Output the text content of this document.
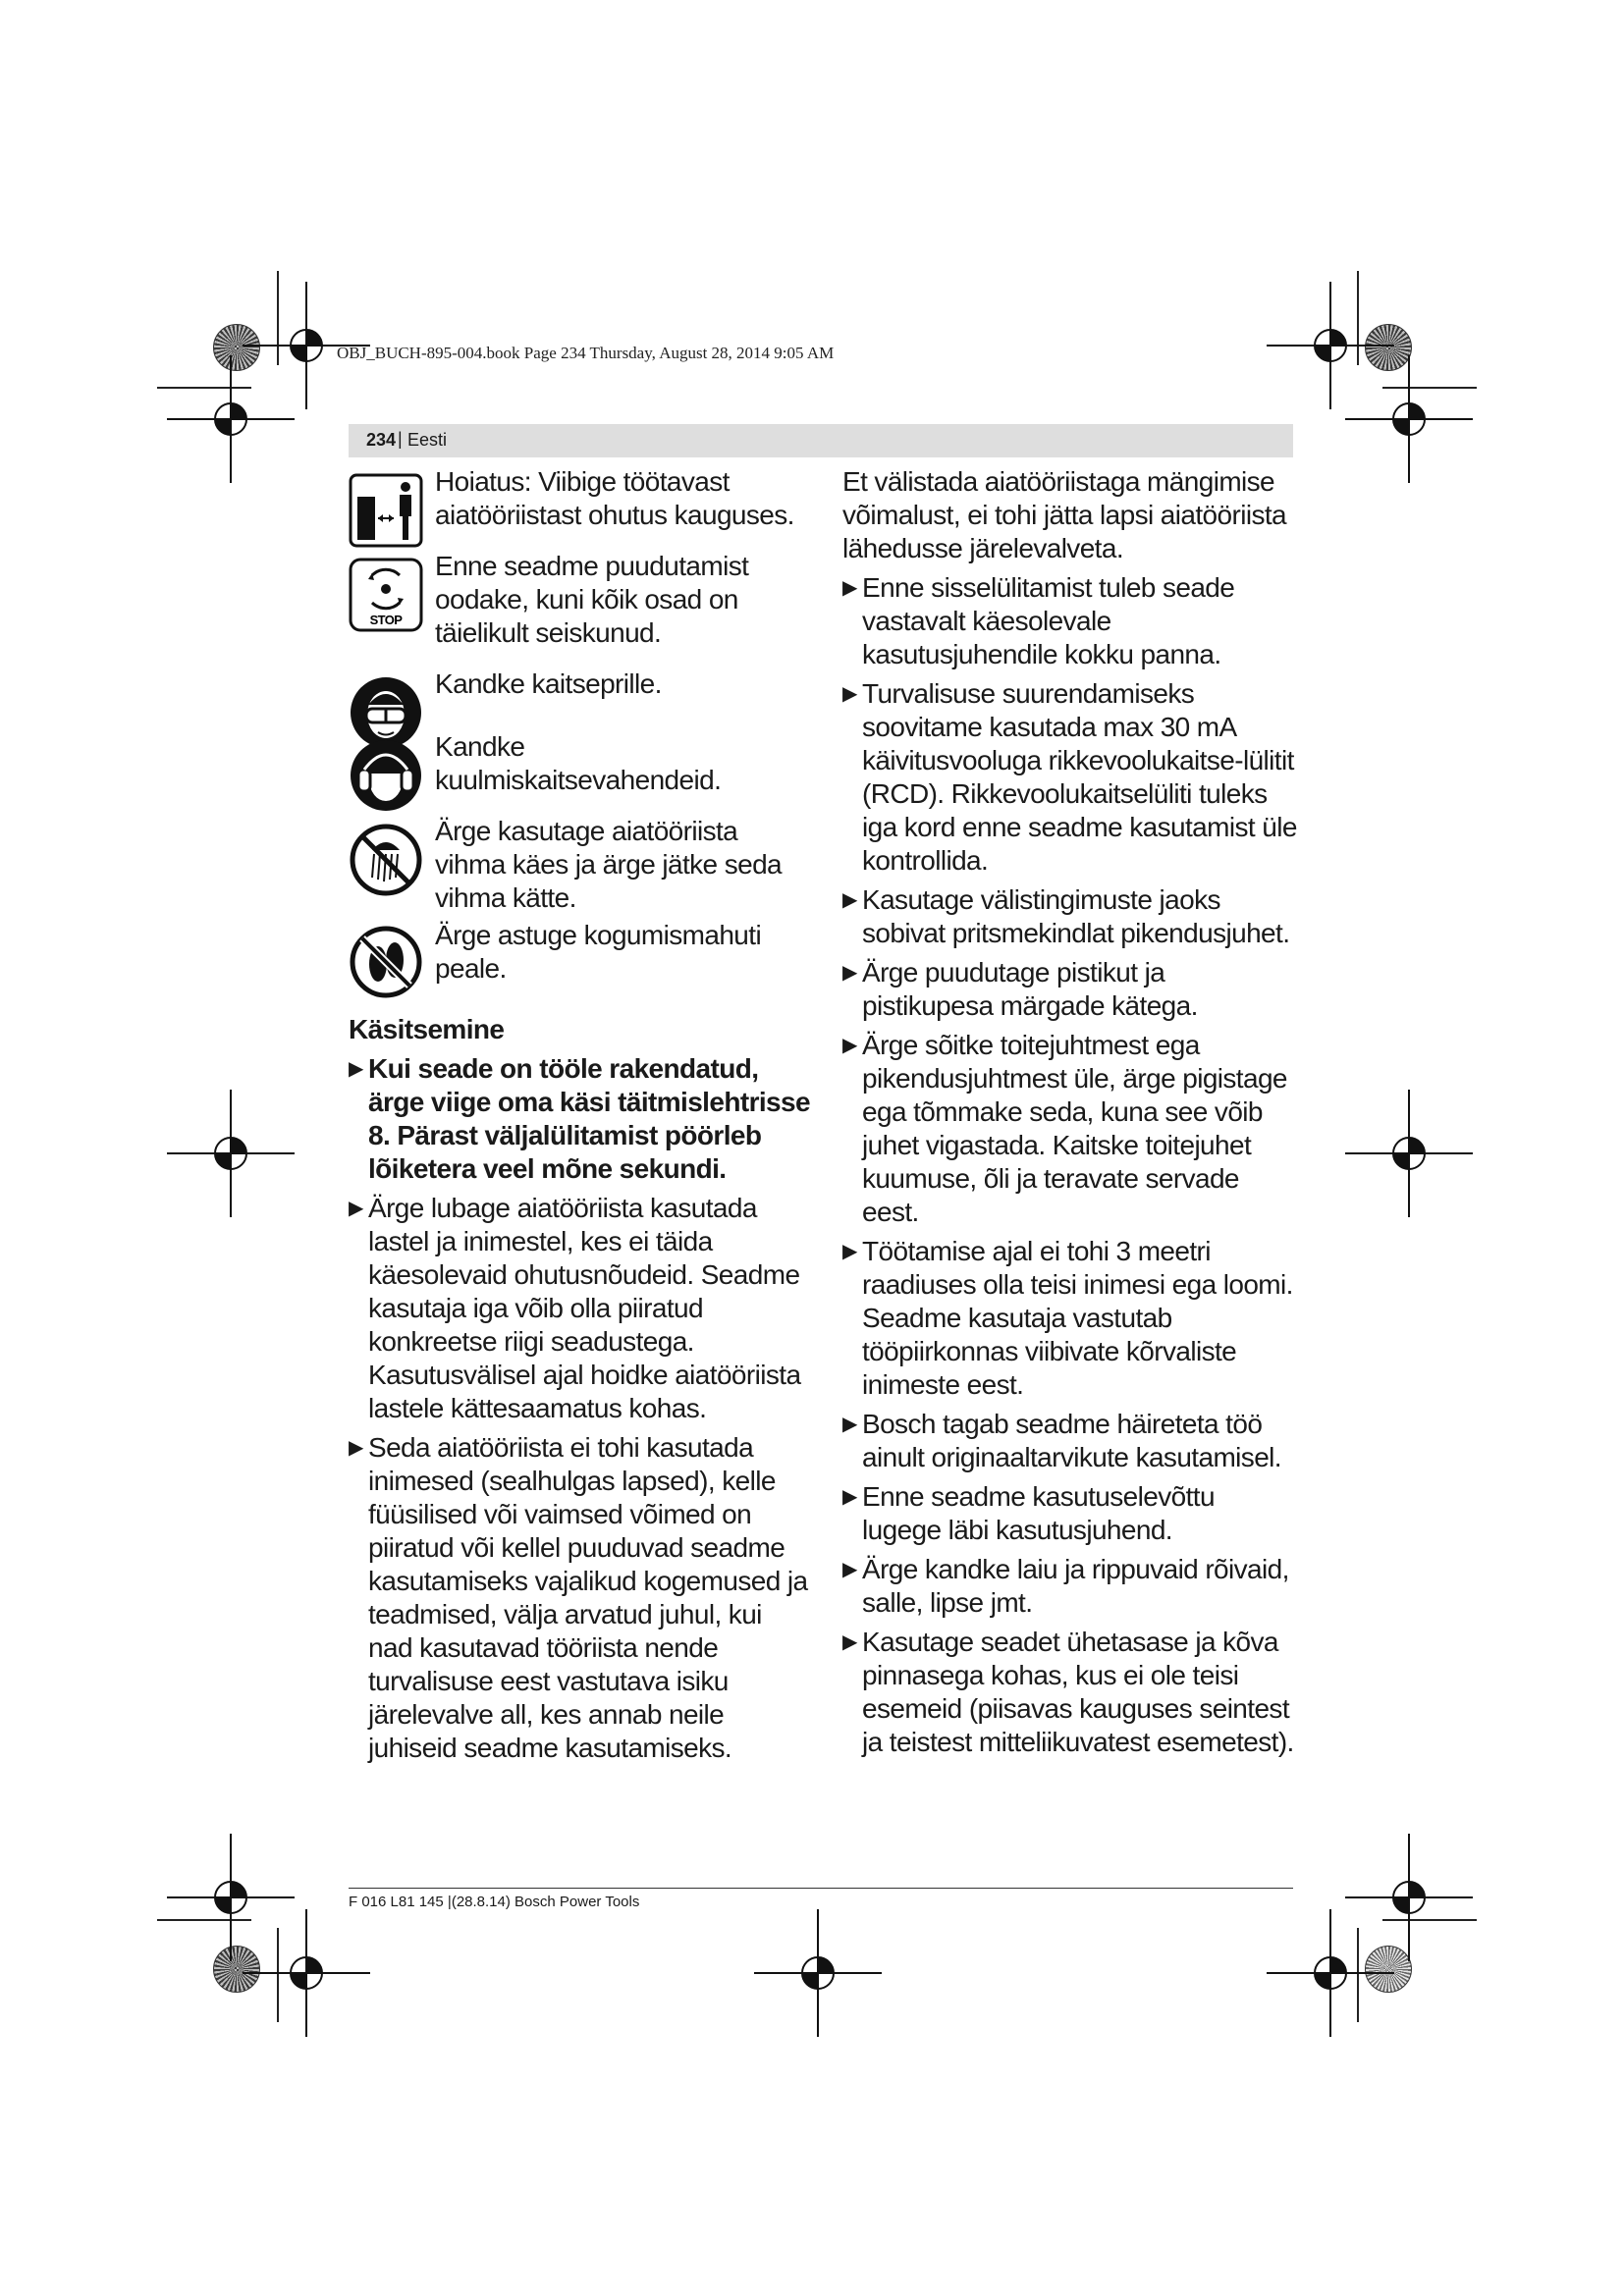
OBJ_BUCH-895-004.book Page 234 Thursday, August 28, 2014 9:05 AM
234 | Eesti
Hoiatus: Viibige töötavast aiatööriistast ohutus kauguses.
STOP
Enne seadme puudutamist oodake, kuni kõik osad on täielikult seiskunud.
Kandke kaitseprille.
Kandke kuulmiskaitsevahendeid.
Ärge kasutage aiatööriista vihma käes ja ärge jätke seda vihma kätte.
Ärge astuge kogumismahuti peale.
Käsitsemine
▶ Kui seade on tööle rakendatud, ärge viige oma käsi täitmislehtrisse 8. Pärast väljalülitamist pöörleb lõiketera veel mõne sekundi.
▶ Ärge lubage aiatööriista kasutada lastel ja inimestel, kes ei täida käesolevaid ohutusnõudeid. Seadme kasutaja iga võib olla piiratud konkreetse riigi seadustega. Kasutusvälisel ajal hoidke aiatööriista lastele kättesaamatus kohas.
▶ Seda aiatööriista ei tohi kasutada inimesed (sealhulgas lapsed), kelle füüsilised või vaimsed võimed on piiratud või kellel puuduvad seadme kasutamiseks vajalikud kogemused ja teadmised, välja arvatud juhul, kui nad kasutavad tööriista nende turvalisuse eest vastutava isiku järelevalve all, kes annab neile juhiseid seadme kasutamiseks.
Et välistada aiatööriistaga mängimise võimalust, ei tohi jätta lapsi aiatööriista lähedusse järelevalveta.
▶ Enne sisselülitamist tuleb seade vastavalt käesolevale kasutusjuhendile kokku panna.
▶ Turvalisuse suurendamiseks soovitame kasutada max 30 mA käivitusvooluga rikkevoolukaitse-lülitit (RCD). Rikkevoolukaitselüliti tuleks iga kord enne seadme kasutamist üle kontrollida.
▶ Kasutage välistingimuste jaoks sobivat pritsmekindlat pikendusjuhet.
▶ Ärge puudutage pistikut ja pistikupesa märgade kätega.
▶ Ärge sõitke toitejuhtmest ega pikendusjuhtmest üle, ärge pigistage ega tõmmake seda, kuna see võib juhet vigastada. Kaitske toitejuhet kuumuse, õli ja teravate servade eest.
▶ Töötamise ajal ei tohi 3 meetri raadiuses olla teisi inimesi ega loomi. Seadme kasutaja vastutab tööpiirkonnas viibivate kõrvaliste inimeste eest.
▶ Bosch tagab seadme häireteta töö ainult originaaltarvikute kasutamisel.
▶ Enne seadme kasutuselevõttu lugege läbi kasutusjuhend.
▶ Ärge kandke laiu ja rippuvaid rõivaid, salle, lipse jmt.
▶ Kasutage seadet ühetasase ja kõva pinnasega kohas, kus ei ole teisi esemeid (piisavas kauguses seintest ja teistest mitteliikuvatest esemetest).
F 016 L81 145 |(28.8.14) Bosch Power Tools
